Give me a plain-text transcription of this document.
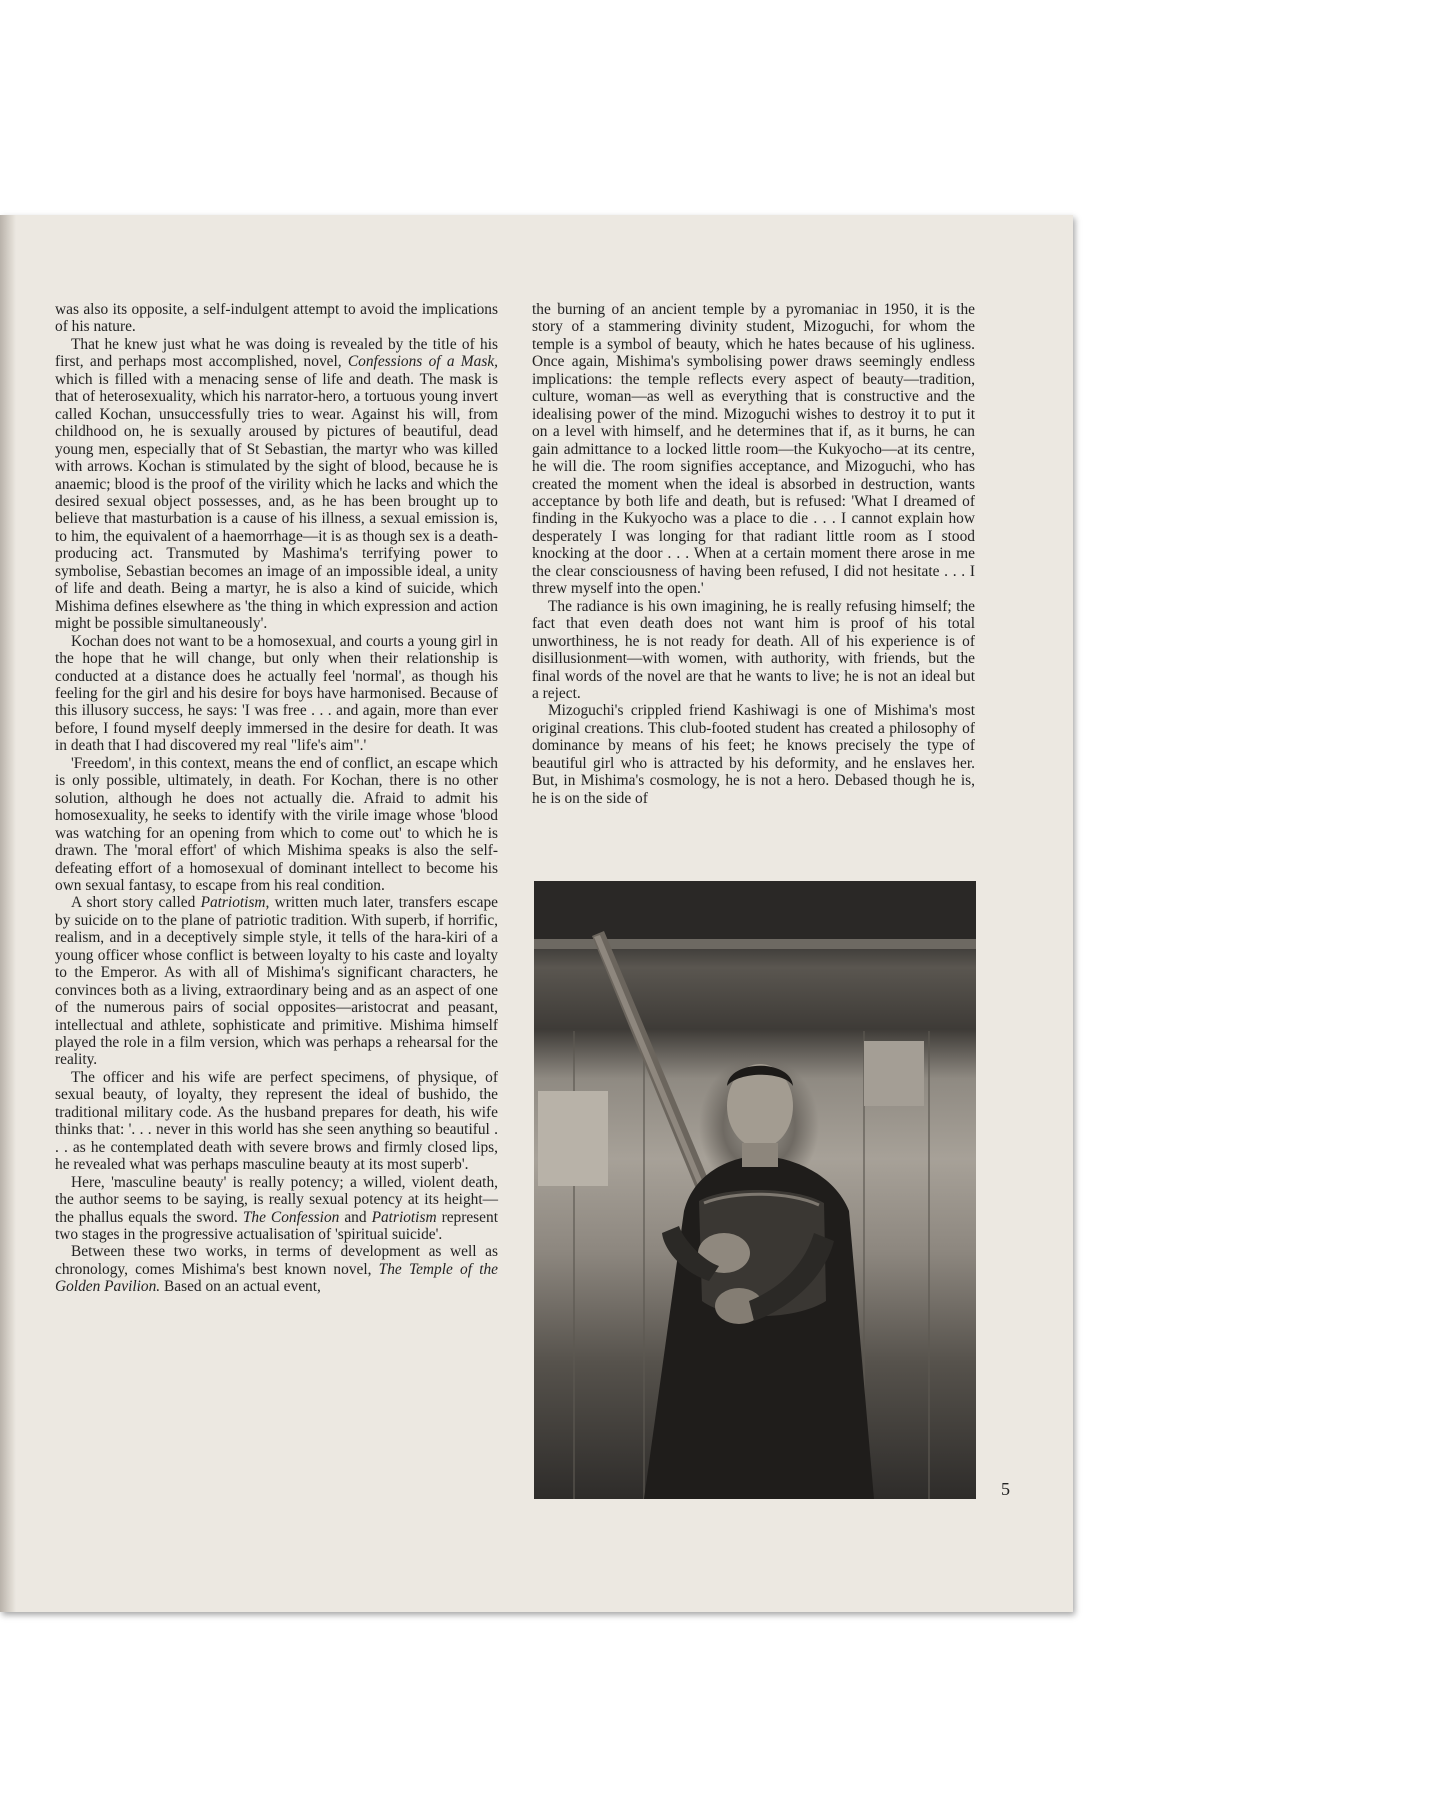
was also its opposite, a self-indulgent attempt to avoid the implications of his nature.

That he knew just what he was doing is revealed by the title of his first, and perhaps most accomplished, novel, Confessions of a Mask, which is filled with a menacing sense of life and death. The mask is that of heterosexuality, which his narrator-hero, a tortuous young invert called Kochan, unsuccessfully tries to wear. Against his will, from childhood on, he is sexually aroused by pictures of beautiful, dead young men, especially that of St Sebastian, the martyr who was killed with arrows. Kochan is stimulated by the sight of blood, because he is anaemic; blood is the proof of the virility which he lacks and which the desired sexual object possesses, and, as he has been brought up to believe that masturbation is a cause of his illness, a sexual emission is, to him, the equivalent of a haemorrhage—it is as though sex is a death-producing act. Transmuted by Mashima's terrifying power to symbolise, Sebastian becomes an image of an impossible ideal, a unity of life and death. Being a martyr, he is also a kind of suicide, which Mishima defines elsewhere as 'the thing in which expression and action might be possible simultaneously'.

Kochan does not want to be a homosexual, and courts a young girl in the hope that he will change, but only when their relationship is conducted at a distance does he actually feel 'normal', as though his feeling for the girl and his desire for boys have harmonised. Because of this illusory success, he says: 'I was free . . . and again, more than ever before, I found myself deeply immersed in the desire for death. It was in death that I had discovered my real "life's aim".'

'Freedom', in this context, means the end of conflict, an escape which is only possible, ultimately, in death. For Kochan, there is no other solution, although he does not actually die. Afraid to admit his homosexuality, he seeks to identify with the virile image whose 'blood was watching for an opening from which to come out' to which he is drawn. The 'moral effort' of which Mishima speaks is also the self-defeating effort of a homosexual of dominant intellect to become his own sexual fantasy, to escape from his real condition.

A short story called Patriotism, written much later, transfers escape by suicide on to the plane of patriotic tradition. With superb, if horrific, realism, and in a deceptively simple style, it tells of the hara-kiri of a young officer whose conflict is between loyalty to his caste and loyalty to the Emperor. As with all of Mishima's significant characters, he convinces both as a living, extraordinary being and as an aspect of one of the numerous pairs of social opposites—aristocrat and peasant, intellectual and athlete, sophisticate and primitive. Mishima himself played the role in a film version, which was perhaps a rehearsal for the reality.

The officer and his wife are perfect specimens, of physique, of sexual beauty, of loyalty, they represent the ideal of bushido, the traditional military code. As the husband prepares for death, his wife thinks that: '. . . never in this world has she seen anything so beautiful . . . as he contemplated death with severe brows and firmly closed lips, he revealed what was perhaps masculine beauty at its most superb'.

Here, 'masculine beauty' is really potency; a willed, violent death, the author seems to be saying, is really sexual potency at its height—the phallus equals the sword. The Confession and Patriotism represent two stages in the progressive actualisation of 'spiritual suicide'.

Between these two works, in terms of development as well as chronology, comes Mishima's best known novel, The Temple of the Golden Pavilion. Based on an actual event,

the burning of an ancient temple by a pyromaniac in 1950, it is the story of a stammering divinity student, Mizoguchi, for whom the temple is a symbol of beauty, which he hates because of his ugliness. Once again, Mishima's symbolising power draws seemingly endless implications: the temple reflects every aspect of beauty—tradition, culture, woman—as well as everything that is constructive and the idealising power of the mind. Mizoguchi wishes to destroy it to put it on a level with himself, and he determines that if, as it burns, he can gain admittance to a locked little room—the Kukyocho—at its centre, he will die. The room signifies acceptance, and Mizoguchi, who has created the moment when the ideal is absorbed in destruction, wants acceptance by both life and death, but is refused: 'What I dreamed of finding in the Kukyocho was a place to die . . . I cannot explain how desperately I was longing for that radiant little room as I stood knocking at the door . . . When at a certain moment there arose in me the clear consciousness of having been refused, I did not hesitate . . . I threw myself into the open.'

The radiance is his own imagining, he is really refusing himself; the fact that even death does not want him is proof of his total unworthiness, he is not ready for death. All of his experience is of disillusionment—with women, with authority, with friends, but the final words of the novel are that he wants to live; he is not an ideal but a reject.

Mizoguchi's crippled friend Kashiwagi is one of Mishima's most original creations. This club-footed student has created a philosophy of dominance by means of his feet; he knows precisely the type of beautiful girl who is attracted by his deformity, and he enslaves her. But, in Mishima's cosmology, he is not a hero. Debased though he is, he is on the side of

5
